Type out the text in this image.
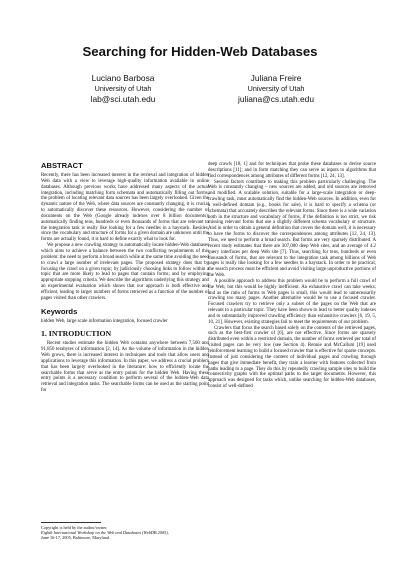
Searching for Hidden-Web Databases
Luciano Barbosa
University of Utah
lab@sci.utah.edu
Juliana Freire
University of Utah
juliana@cs.utah.edu
ABSTRACT

Recently, there has been increased interest in the retrieval and integration of hidden Web data with a view to leverage high-quality information available in online databases. Although previous works have addressed many aspects of the actual integration, including matching form schemata and automatically filling out forms, the problem of locating relevant data sources has been largely overlooked. Given the dynamic nature of the Web, where data sources are constantly changing, it is crucial to automatically discover these resources. However, considering the number of documents on the Web (Google already indexes over 8 billion documents), automatically finding tens, hundreds or even thousands of forms that are relevant to the integration task is really like looking for a few needles in a haystack. Besides, since the vocabulary and structure of forms for a given domain are unknown until the forms are actually found, it is hard to define exactly what to look for.

We propose a new crawling strategy to automatically locate hidden-Web databases which aims to achieve a balance between the two conflicting requirements of this problem: the need to perform a broad search while at the same time avoiding the need to crawl a large number of irrelevant pages. The proposed strategy does that by focusing the crawl on a given topic; by judiciously choosing links to follow within a topic that are more likely to lead to pages that contain forms; and by employing appropriate stopping criteria. We describe the algorithms underlying this strategy and an experimental evaluation which shows that our approach is both effective and efficient, leading to larger numbers of forms retrieved as a function of the number of pages visited than other crawlers.

Keywords

hidden Web, large scale information integration, focused crawler

1. INTRODUCTION

Recent studies estimate the hidden Web contains anywhere between 7,500 and 91,850 terabytes of information [2, 14]. As the volume of information in the hidden Web grows, there is increased interest in techniques and tools that allow users and applications to leverage this information. In this paper, we address a crucial problem that has been largely overlooked in the literature: how to efficiently locate the searchable forms that serve as the entry points for the hidden Web. Having these entry points is a necessary condition to perform several of the hidden-Web data retrieval and integration tasks. The searchable forms can be used as the starting point for

deep crawls [18, 1] and for techniques that probe these databases to derive source descriptions [11]; and in form matching they can serve as inputs to algorithms that find correspondences among attributes of different forms [12, 24, 13].

Several factors contribute to making this problem particularly challenging. The Web is constantly changing – new sources are added, and old sources are removed and modified. A scalable solution, suitable for a large-scale integration or deep-crawling task, must automatically find the hidden-Web sources. In addition, even for a well-defined domain (e.g., books for sale), it is hard to specify a schema (or schemata) that accurately describes the relevant forms. Since there is a wide variation both in the structure and vocabulary of forms, if the definition is too strict, we risk missing relevant forms that use a slightly different schema vocabulary or structure. And in order to obtain a general definition that covers the domain well, it is necessary to have the forms to discover the correspondences among attributes [12, 24, 13]. Thus, we need to perform a broad search. But forms are very sparsely distributed. A recent study estimates that there are 307,000 deep Web sites, and an average of 4.2 query interfaces per deep Web site [7]. Thus, searching for tens, hundreds or even thousands of forms, that are relevant to the integration task among billions of Web pages is really like looking for a few needles in a haystack. In order to be practical, the search process must be efficient and avoid visiting large unproductive portions of the Web.

A possible approach to address this problem would be to perform a full crawl of the Web, but this would be highly inefficient. An exhaustive crawl can take weeks; and as the ratio of forms to Web pages is small, this would lead to unnecessarily crawling too many pages. Another alternative would be to use a focused crawler. Focused crawlers try to retrieve only a subset of the pages on the Web that are relevant to a particular topic. They have been shown to lead to better quality indexes and to substantially improved crawling efficiency than exhaustive crawlers [6, 19, 5, 10, 21]. However, existing strategies fail to meet the requirements of our problem.

Crawlers that focus the search based solely on the contents of the retrieved pages, such as the best-first crawler of [6], are not effective. Since forms are sparsely distributed even within a restricted domain, the number of forms retrieved per total of visited pages can be very low (see Section 4). Rennie and McCallum [19] used reinforcement learning to build a focused crawler that is effective for sparse concepts. Instead of just considering the content of individual pages and crawling through pages that give immediate benefit, they train a learner with features collected from paths leading to a page. They do this by repeatedly crawling sample sites to build the connectivity graphs with the optimal paths to the target documents. However, this approach was designed for tasks which, unlike searching for hidden-Web databases, consist of well-defined

Copyright is held by the author/owner.
Eighth International Workshop on the Web and Databases (WebDB 2005),
June 16-17, 2005, Baltimore, Maryland.
